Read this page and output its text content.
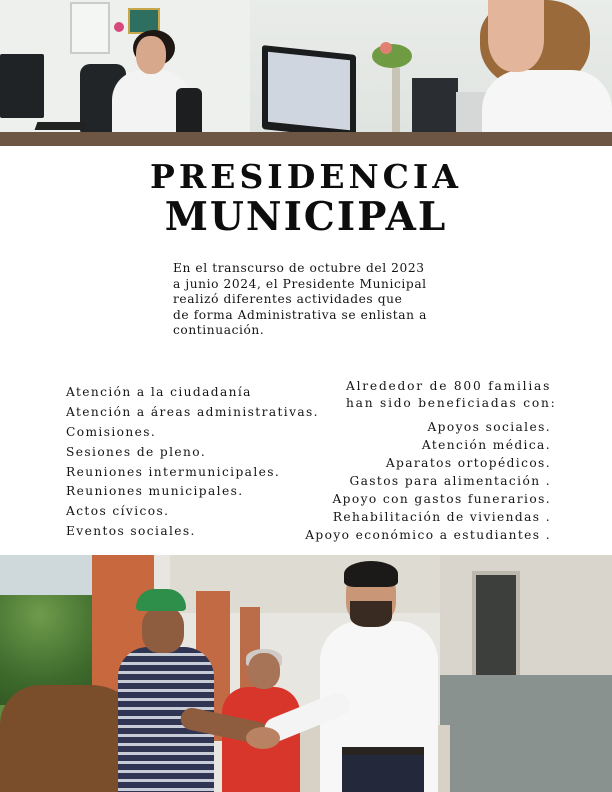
PRESIDENCIA
MUNICIPAL

En el transcurso de octubre del 2023
a junio 2024, el Presidente Municipal
realizó diferentes actividades que
de forma Administrativa se enlistan a
continuación.

Atención a la ciudadanía
Atención a áreas administrativas.
Comisiones.
Sesiones de pleno.
Reuniones intermunicipales.
Reuniones municipales.
Actos cívicos.
Eventos sociales.

Alrededor de 800 familias
han sido beneficiadas con:

Apoyos sociales.
Atención médica.
Aparatos ortopédicos.
Gastos para alimentación .
Apoyo con gastos funerarios.
Rehabilitación de viviendas .
Apoyo económico a estudiantes .
